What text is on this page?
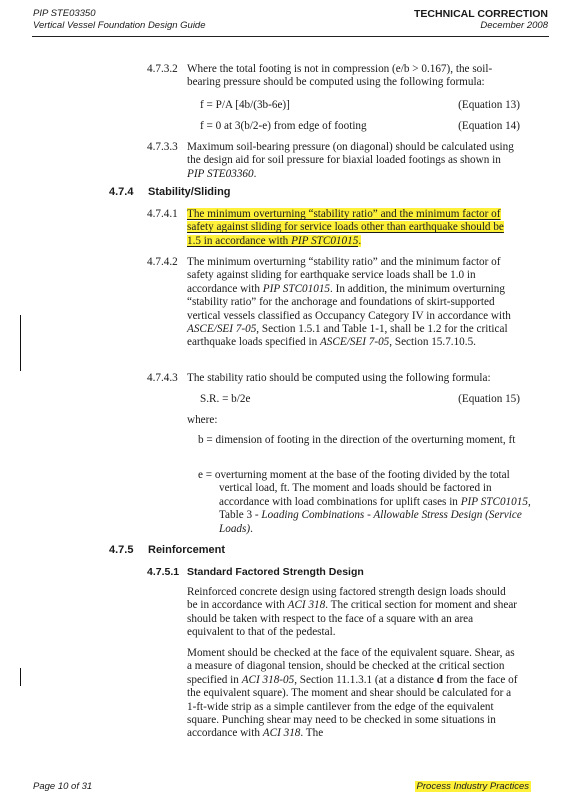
PIP STE03350
Vertical Vessel Foundation Design Guide
TECHNICAL CORRECTION
December 2008
4.7.3.2 Where the total footing is not in compression (e/b > 0.167), the soil-bearing pressure should be computed using the following formula:
f = P/A [4b/(3b-6e)]	(Equation 13)
f = 0 at 3(b/2-e) from edge of footing	(Equation 14)
4.7.3.3 Maximum soil-bearing pressure (on diagonal) should be calculated using the design aid for soil pressure for biaxial loaded footings as shown in PIP STE03360.
4.7.4 Stability/Sliding
4.7.4.1 The minimum overturning “stability ratio” and the minimum factor of safety against sliding for service loads other than earthquake should be 1.5 in accordance with PIP STC01015.
4.7.4.2 The minimum overturning “stability ratio” and the minimum factor of safety against sliding for earthquake service loads shall be 1.0 in accordance with PIP STC01015. In addition, the minimum overturning “stability ratio” for the anchorage and foundations of skirt-supported vertical vessels classified as Occupancy Category IV in accordance with ASCE/SEI 7-05, Section 1.5.1 and Table 1-1, shall be 1.2 for the critical earthquake loads specified in ASCE/SEI 7-05, Section 15.7.10.5.
4.7.4.3 The stability ratio should be computed using the following formula:
S.R. = b/2e	(Equation 15)
where:
b = dimension of footing in the direction of the overturning moment, ft
e = overturning moment at the base of the footing divided by the total vertical load, ft. The moment and loads should be factored in accordance with load combinations for uplift cases in PIP STC01015, Table 3 - Loading Combinations - Allowable Stress Design (Service Loads).
4.7.5 Reinforcement
4.7.5.1 Standard Factored Strength Design
Reinforced concrete design using factored strength design loads should be in accordance with ACI 318. The critical section for moment and shear should be taken with respect to the face of a square with an area equivalent to that of the pedestal.
Moment should be checked at the face of the equivalent square. Shear, as a measure of diagonal tension, should be checked at the critical section specified in ACI 318-05, Section 11.1.3.1 (at a distance d from the face of the equivalent square). The moment and shear should be calculated for a 1-ft-wide strip as a simple cantilever from the edge of the equivalent square. Punching shear may need to be checked in some situations in accordance with ACI 318. The
Page 10 of 31	Process Industry Practices
